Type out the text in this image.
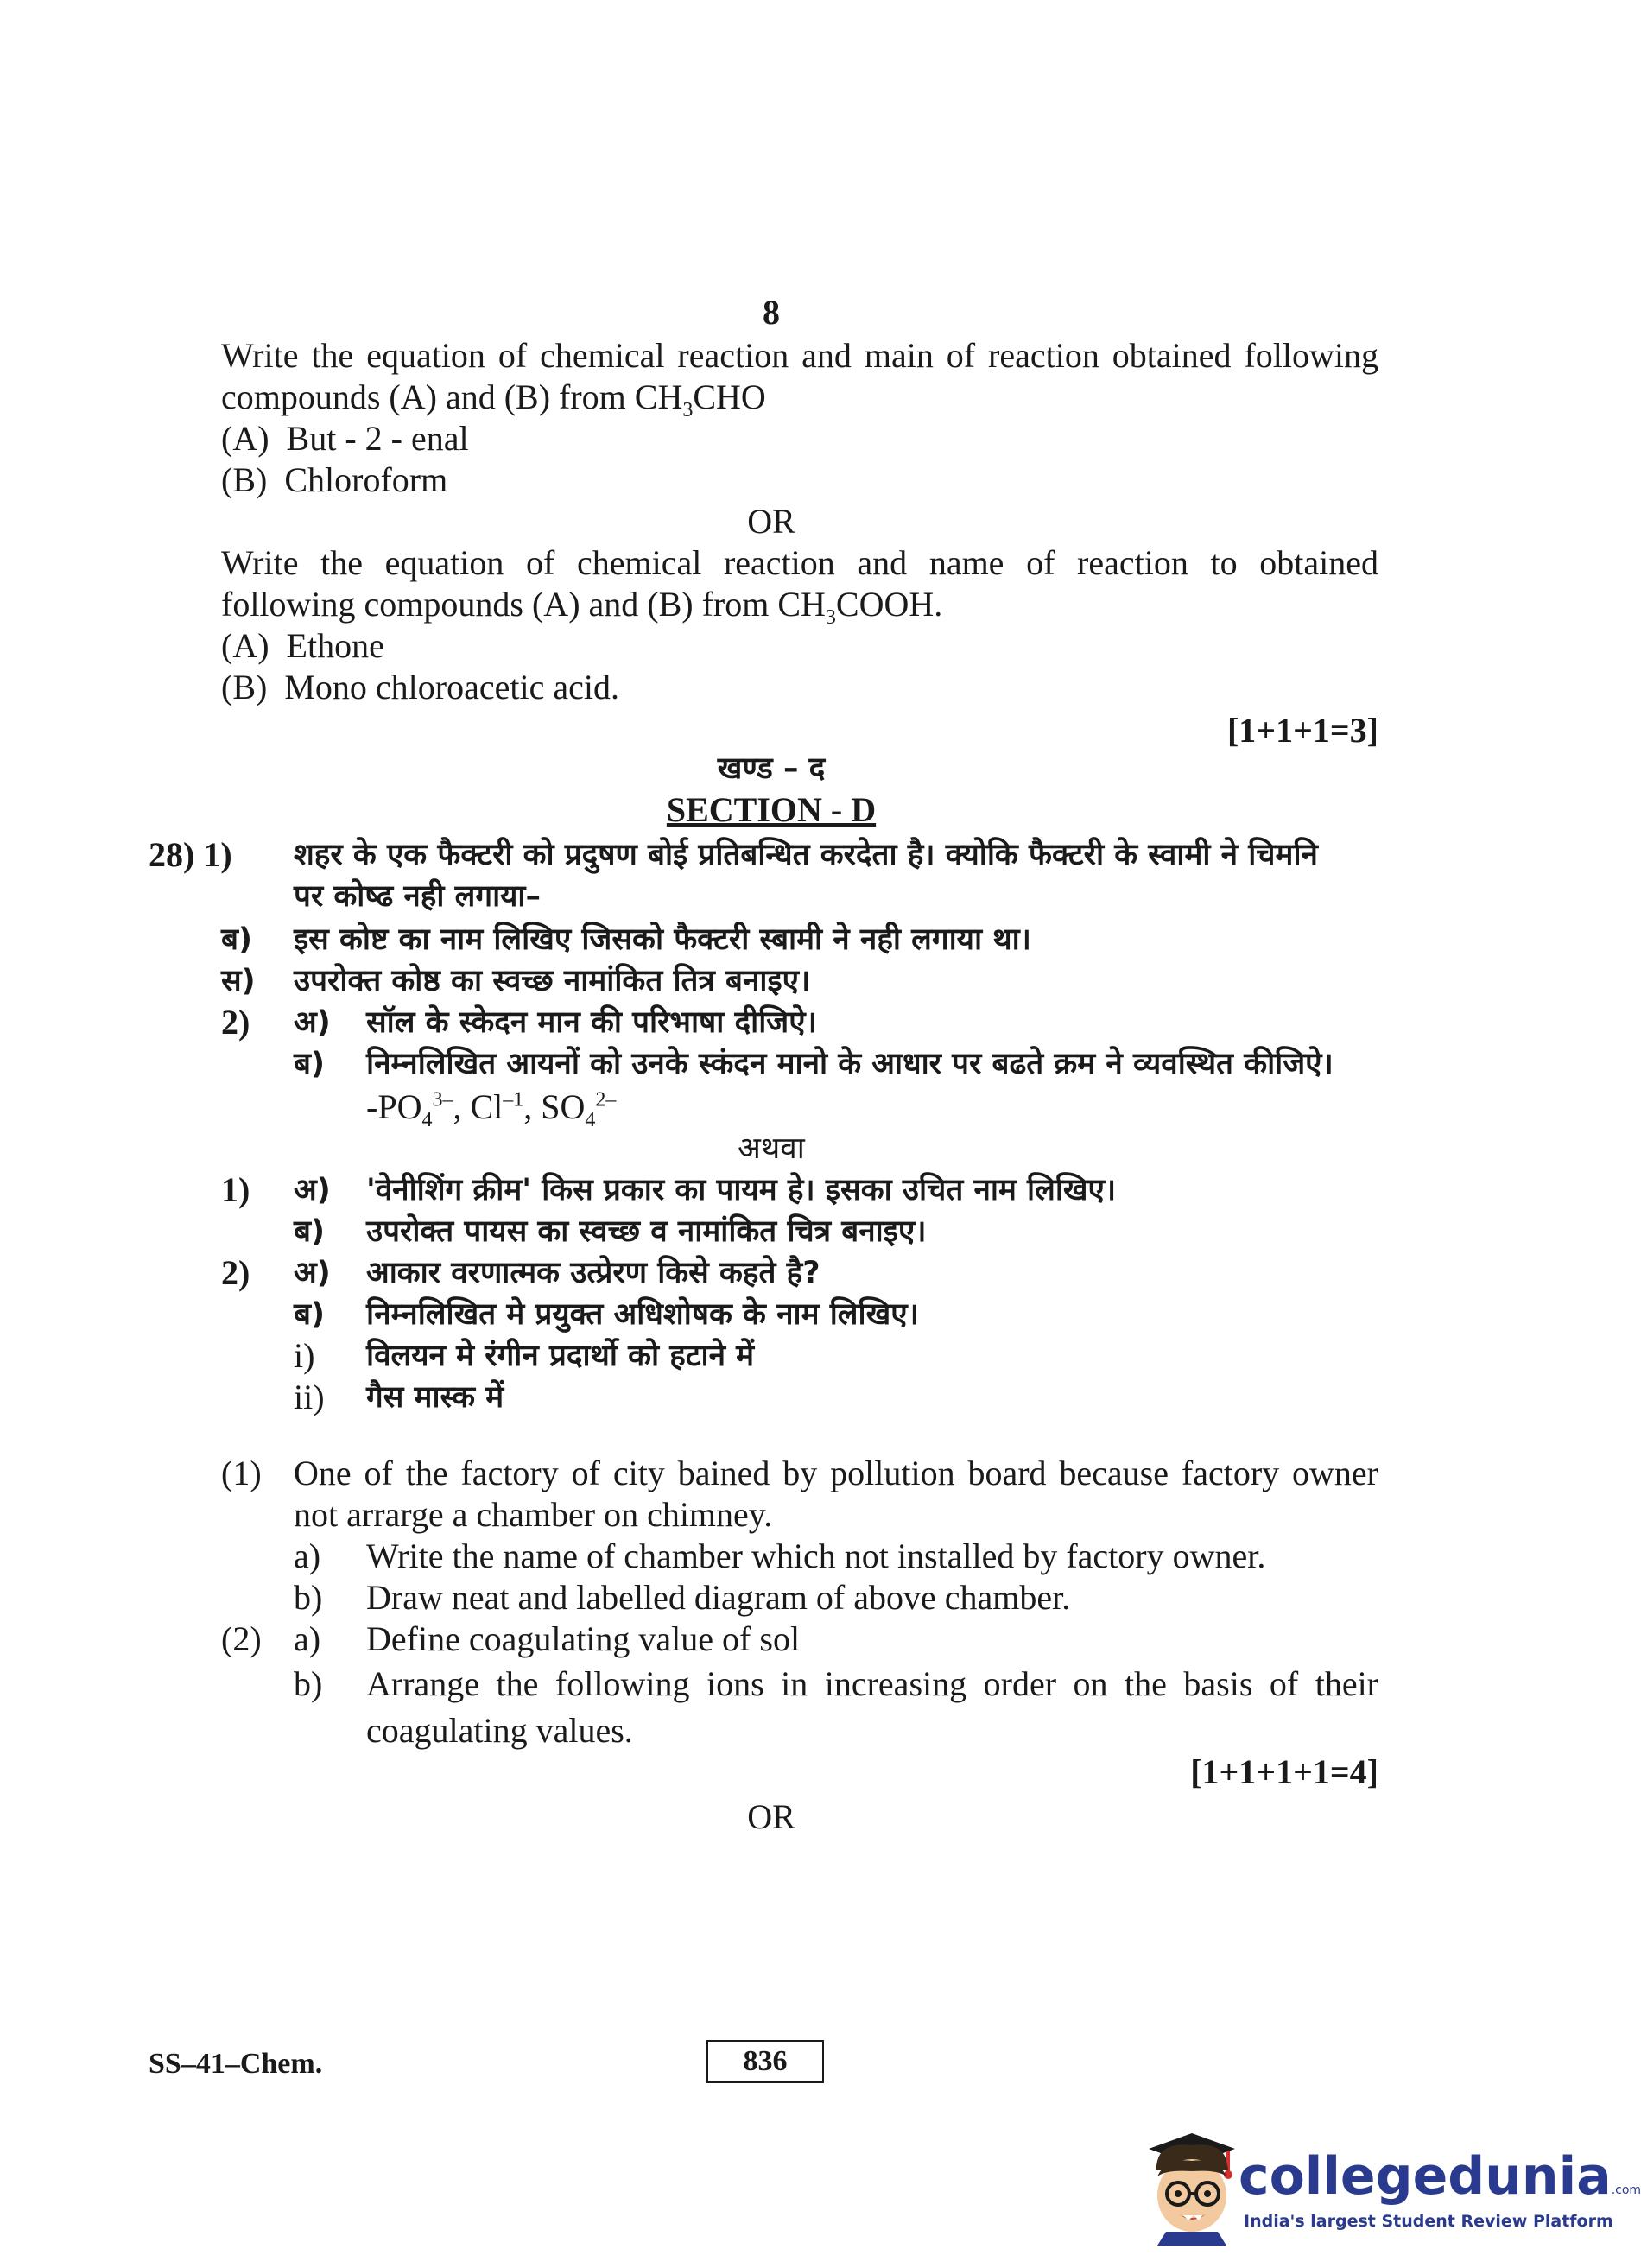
8
Write the equation of chemical reaction and main of reaction obtained following
compounds (A) and (B) from $CH_3CHO$
(A) But - 2 - enal
(B) Chloroform
OR
Write the equation of chemical reaction and name of reaction to obtained
following compounds (A) and (B) from $CH_3COOH$.
(A) Ethone
(B) Mono chloroacetic acid.
[1+1+1=3]
खण्ड – द
SECTION - D
28) 1) शहर के एक फैक्टरी को प्रदुषण बोई प्रतिबन्धित करदेता है। क्योकि फैक्टरी के स्वामी ने चिमनि
पर कोष्ढ नही लगाया–
ब) इस कोष्ट का नाम लिखिए जिसको फैक्टरी स्बामी ने नही लगाया था।
स) उपरोक्त कोष्ठ का स्वच्छ नामांकित तित्र बनाइए।
2) अ) सॉल के स्केदन मान की परिभाषा दीजिऐ।
ब) निम्नलिखित आयनों को उनके स्कंदन मानो के आधार पर बढते क्रम ने व्यवस्थित कीजिऐ।
$-PO_4^{3-}$, $Cl^{-1}$, $SO_4^{2-}$
अथवा
1) अ) 'वेनीशिंग क्रीम' किस प्रकार का पायम हे। इसका उचित नाम लिखिए।
ब) उपरोक्त पायस का स्वच्छ व नामांकित चित्र बनाइए।
2) अ) आकार वरणात्मक उत्प्रेरण किसे कहते है?
ब) निम्नलिखित मे प्रयुक्त अधिशोषक के नाम लिखिए।
i) विलयन मे रंगीन प्रदार्थो को हटाने में
ii) गैस मास्क में
(1) One of the factory of city bained by pollution board because factory owner
not arrarge a chamber on chimney.
a) Write the name of chamber which not installed by factory owner.
b) Draw neat and labelled diagram of above chamber.
(2) a) Define coagulating value of sol
b) Arrange the following ions in increasing order on the basis of their
coagulating values.
[1+1+1+1=4]
OR
SS–41–Chem.	836
collegedunia.com
India's largest Student Review Platform
